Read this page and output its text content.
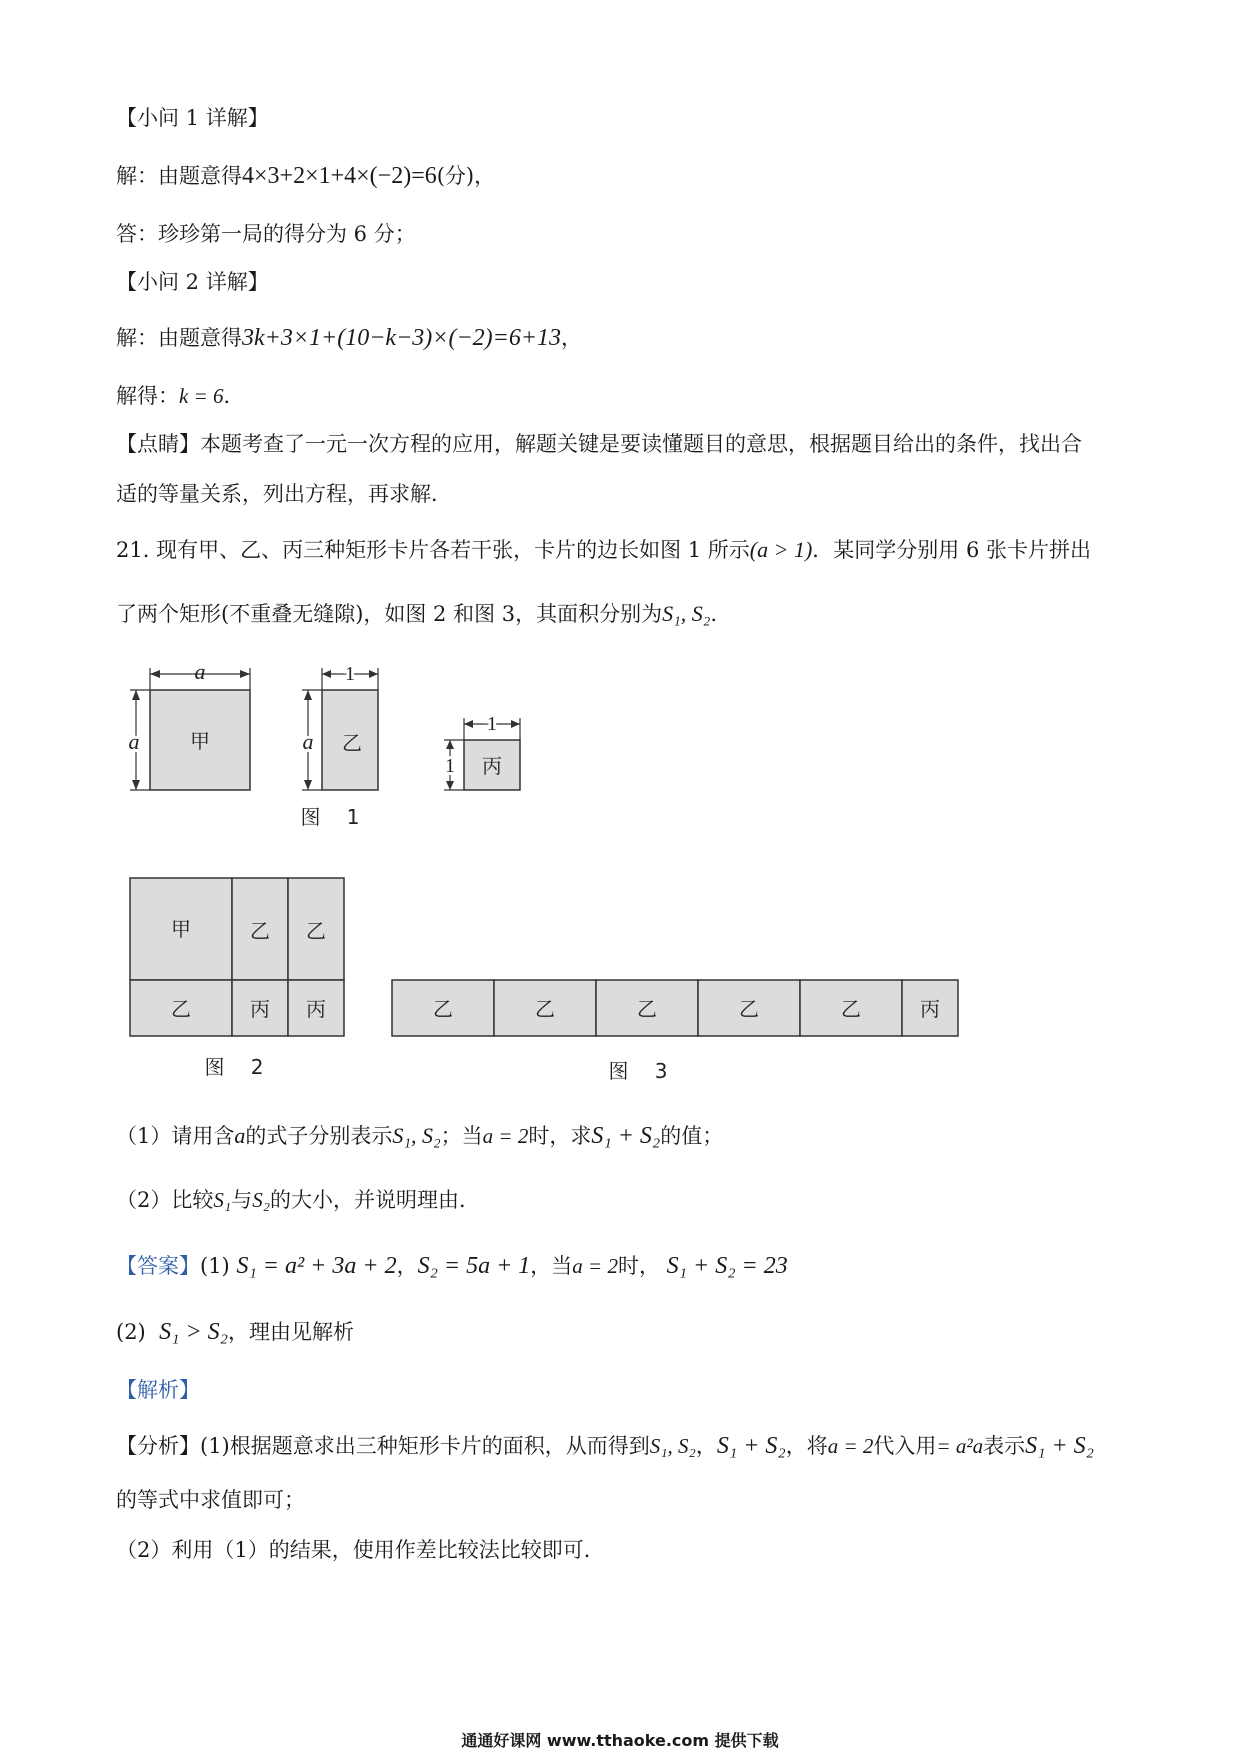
【小问 1 详解】
解：由题意得4×3+2×1+4×(−2)=6(分)，
答：珍珍第一局的得分为 6 分；
【小问 2 详解】
解：由题意得3k+3×1+(10−k−3)×(−2)=6+13，
解得：k = 6．
【点睛】本题考查了一元一次方程的应用，解题关键是要读懂题目的意思，根据题目给出的条件，找出合
适的等量关系，列出方程，再求解．
21. 现有甲、乙、丙三种矩形卡片各若干张，卡片的边长如图 1 所示(a > 1)．某同学分别用 6 张卡片拼出
了两个矩形(不重叠无缝隙)，如图 2 和图 3，其面积分别为S₁, S₂．
a
a	甲
1
a 乙
1
1 丙
图　 1
甲	乙 乙
乙	丙 丙
图　 2
乙	乙	乙	乙	乙	丙
图　 3
（1）请用含a的式子分别表示S₁, S₂；当a = 2时，求S₁ + S₂的值；
（2）比较S₁与S₂的大小，并说明理由．
【答案】(1) S₁ = a² + 3a + 2，S₂ = 5a + 1，当a = 2时， S₁ + S₂ = 23
(2) S₁ > S₂，理由见解析
【解析】
【分析】(1)根据题意求出三种矩形卡片的面积，从而得到S₁, S₂，S₁ + S₂，将a = 2代入用= a²a表示S₁ + S₂
的等式中求值即可；
（2）利用（1）的结果，使用作差比较法比较即可．
通通好课网 www.tthaoke.com 提供下载
